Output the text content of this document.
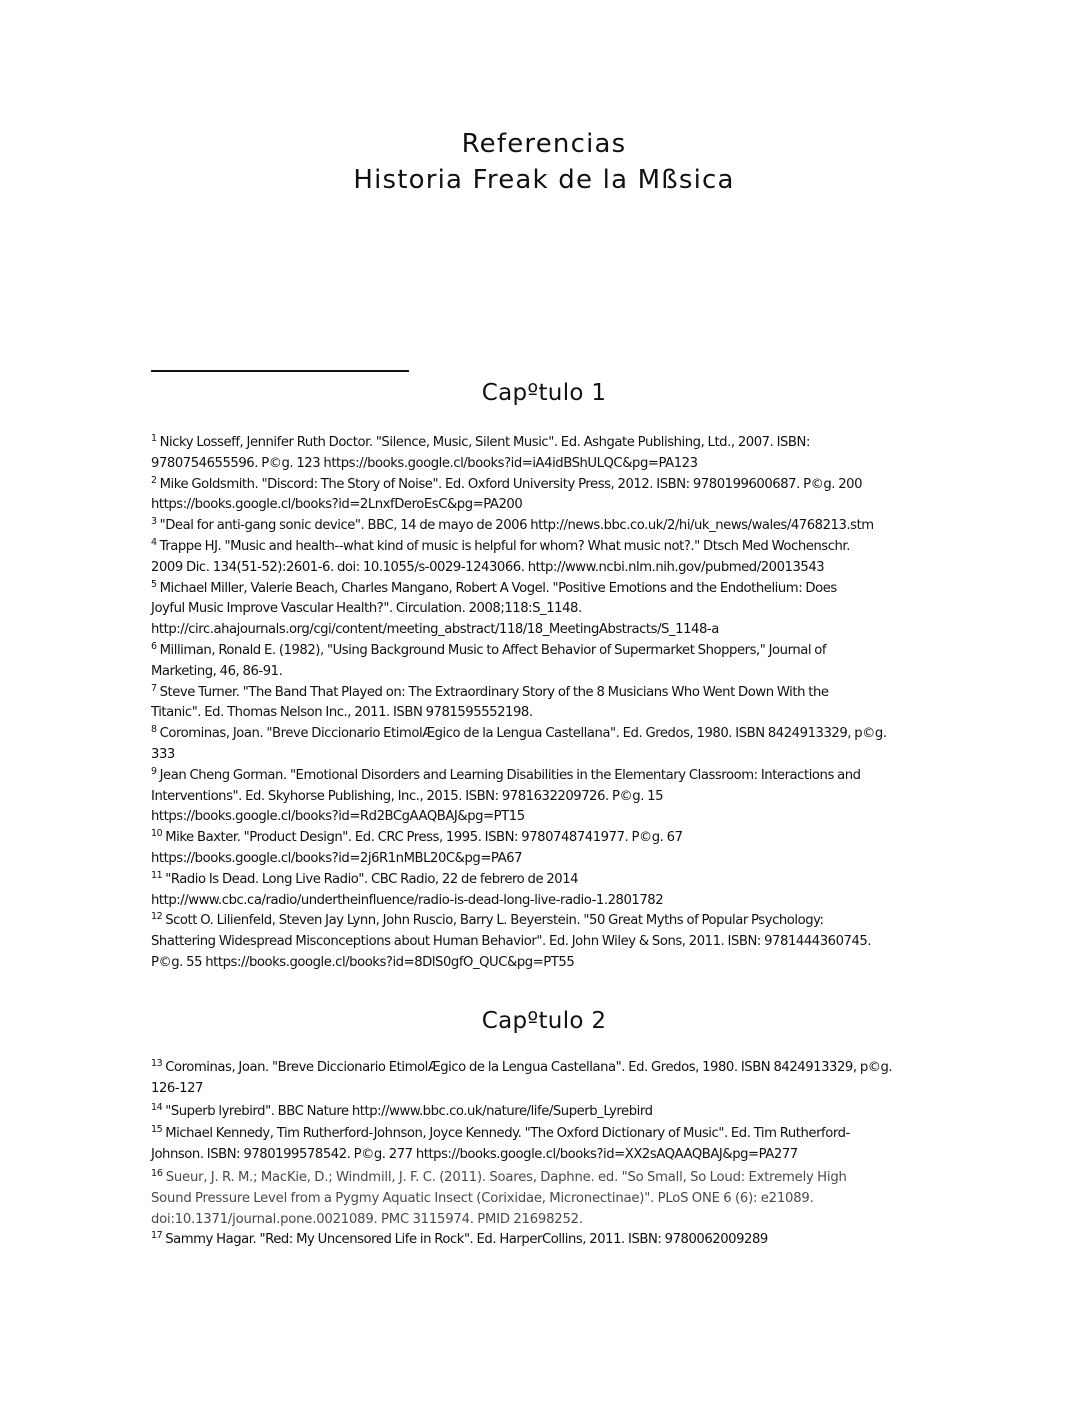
Referencias
Historia Freak de la Mßsica
Capºtulo 1
$^1$ Nicky Losseff, Jennifer Ruth Doctor. "Silence, Music, Silent Music". Ed. Ashgate Publishing, Ltd., 2007. ISBN:
9780754655596. P©g. 123 https://books.google.cl/books?id=iA4idBShULQC&pg=PA123
$^2$ Mike Goldsmith. "Discord: The Story of Noise". Ed. Oxford University Press, 2012. ISBN: 9780199600687. P©g. 200
https://books.google.cl/books?id=2LnxfDeroEsC&pg=PA200
$^3$ "Deal for anti-gang sonic device". BBC, 14 de mayo de 2006 http://news.bbc.co.uk/2/hi/uk_news/wales/4768213.stm
$^4$ Trappe HJ. "Music and health--what kind of music is helpful for whom? What music not?." Dtsch Med Wochenschr.
2009 Dic. 134(51-52):2601-6. doi: 10.1055/s-0029-1243066. http://www.ncbi.nlm.nih.gov/pubmed/20013543
$^5$ Michael Miller, Valerie Beach, Charles Mangano, Robert A Vogel. "Positive Emotions and the Endothelium: Does
Joyful Music Improve Vascular Health?". Circulation. 2008;118:S_1148.
http://circ.ahajournals.org/cgi/content/meeting_abstract/118/18_MeetingAbstracts/S_1148-a
$^6$ Milliman, Ronald E. (1982), "Using Background Music to Affect Behavior of Supermarket Shoppers," Journal of
Marketing, 46, 86-91.
$^7$ Steve Turner. "The Band That Played on: The Extraordinary Story of the 8 Musicians Who Went Down With the
Titanic". Ed. Thomas Nelson Inc., 2011. ISBN 9781595552198.
$^8$ Corominas, Joan. "Breve Diccionario EtimolÆgico de la Lengua Castellana". Ed. Gredos, 1980. ISBN 8424913329, p©g.
333
$^9$ Jean Cheng Gorman. "Emotional Disorders and Learning Disabilities in the Elementary Classroom: Interactions and
Interventions". Ed. Skyhorse Publishing, Inc., 2015. ISBN: 9781632209726. P©g. 15
https://books.google.cl/books?id=Rd2BCgAAQBAJ&pg=PT15
$^{10}$ Mike Baxter. "Product Design". Ed. CRC Press, 1995. ISBN: 9780748741977. P©g. 67
https://books.google.cl/books?id=2j6R1nMBL20C&pg=PA67
$^{11}$ "Radio Is Dead. Long Live Radio". CBC Radio, 22 de febrero de 2014
http://www.cbc.ca/radio/undertheinfluence/radio-is-dead-long-live-radio-1.2801782
$^{12}$ Scott O. Lilienfeld, Steven Jay Lynn, John Ruscio, Barry L. Beyerstein. "50 Great Myths of Popular Psychology:
Shattering Widespread Misconceptions about Human Behavior". Ed. John Wiley & Sons, 2011. ISBN: 9781444360745.
P©g. 55 https://books.google.cl/books?id=8DlS0gfO_QUC&pg=PT55
Capºtulo 2
$^{13}$ Corominas, Joan. "Breve Diccionario EtimolÆgico de la Lengua Castellana". Ed. Gredos, 1980. ISBN 8424913329, p©g.
126-127
$^{14}$ "Superb lyrebird". BBC Nature http://www.bbc.co.uk/nature/life/Superb_Lyrebird
$^{15}$ Michael Kennedy, Tim Rutherford-Johnson, Joyce Kennedy. "The Oxford Dictionary of Music". Ed. Tim Rutherford-
Johnson. ISBN: 9780199578542. P©g. 277 https://books.google.cl/books?id=XX2sAQAAQBAJ&pg=PA277
$^{16}$ Sueur, J. R. M.; MacKie, D.; Windmill, J. F. C. (2011). Soares, Daphne. ed. "So Small, So Loud: Extremely High
Sound Pressure Level from a Pygmy Aquatic Insect (Corixidae, Micronectinae)". PLoS ONE 6 (6): e21089.
doi:10.1371/journal.pone.0021089. PMC 3115974. PMID 21698252.
$^{17}$ Sammy Hagar. "Red: My Uncensored Life in Rock". Ed. HarperCollins, 2011. ISBN: 9780062009289
